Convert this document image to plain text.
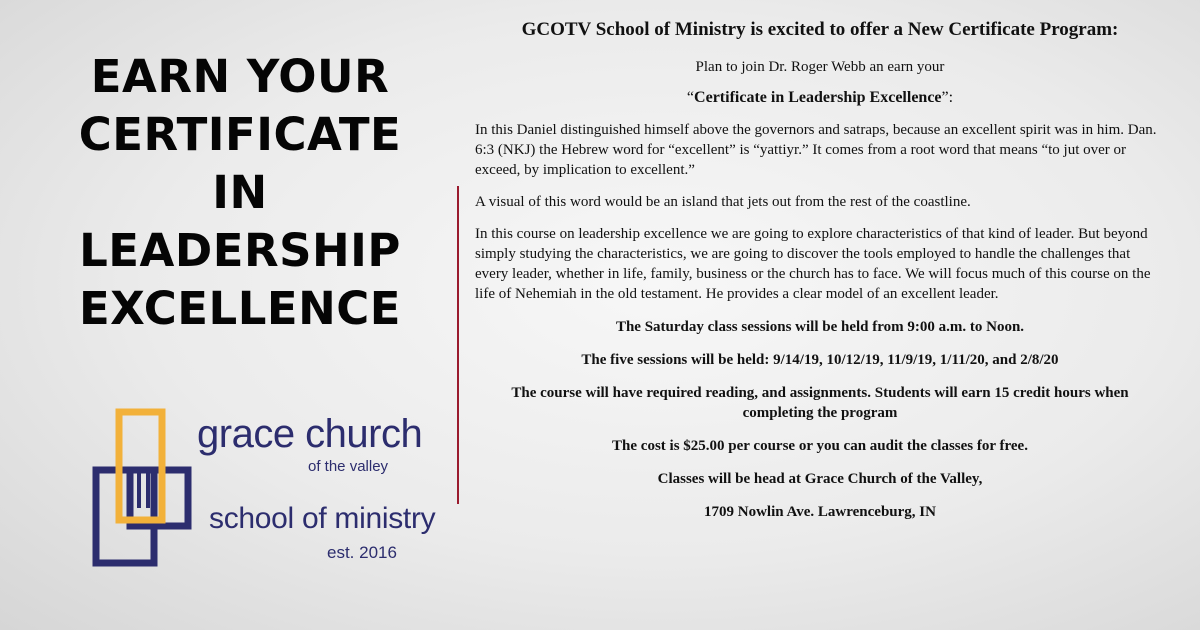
EARN YOUR
CERTIFICATE
IN
LEADERSHIP
EXCELLENCE
grace church
of the valley
school of ministry
est. 2016

GCOTV School of Ministry is excited to offer a New Certificate Program:

Plan to join Dr. Roger Webb an earn your

“Certificate in Leadership Excellence”:

In this Daniel distinguished himself above the governors and satraps, because an excellent spirit was in him. Dan. 6:3 (NKJ) the Hebrew word for “excellent” is “yattiyr.” It comes from a root word that means “to jut over or exceed, by implication to excellent.”

A visual of this word would be an island that jets out from the rest of the coastline.

In this course on leadership excellence we are going to explore characteristics of that kind of leader. But beyond simply studying the characteristics, we are going to discover the tools employed to handle the challenges that every leader, whether in life, family, business or the church has to face. We will focus much of this course on the life of Nehemiah in the old testament. He provides a clear model of an excellent leader.

The Saturday class sessions will be held from 9:00 a.m. to Noon.

The five sessions will be held: 9/14/19, 10/12/19, 11/9/19, 1/11/20, and 2/8/20

The course will have required reading, and assignments. Students will earn 15 credit hours when completing the program

The cost is $25.00 per course or you can audit the classes for free.

Classes will be head at Grace Church of the Valley,

1709 Nowlin Ave. Lawrenceburg, IN
